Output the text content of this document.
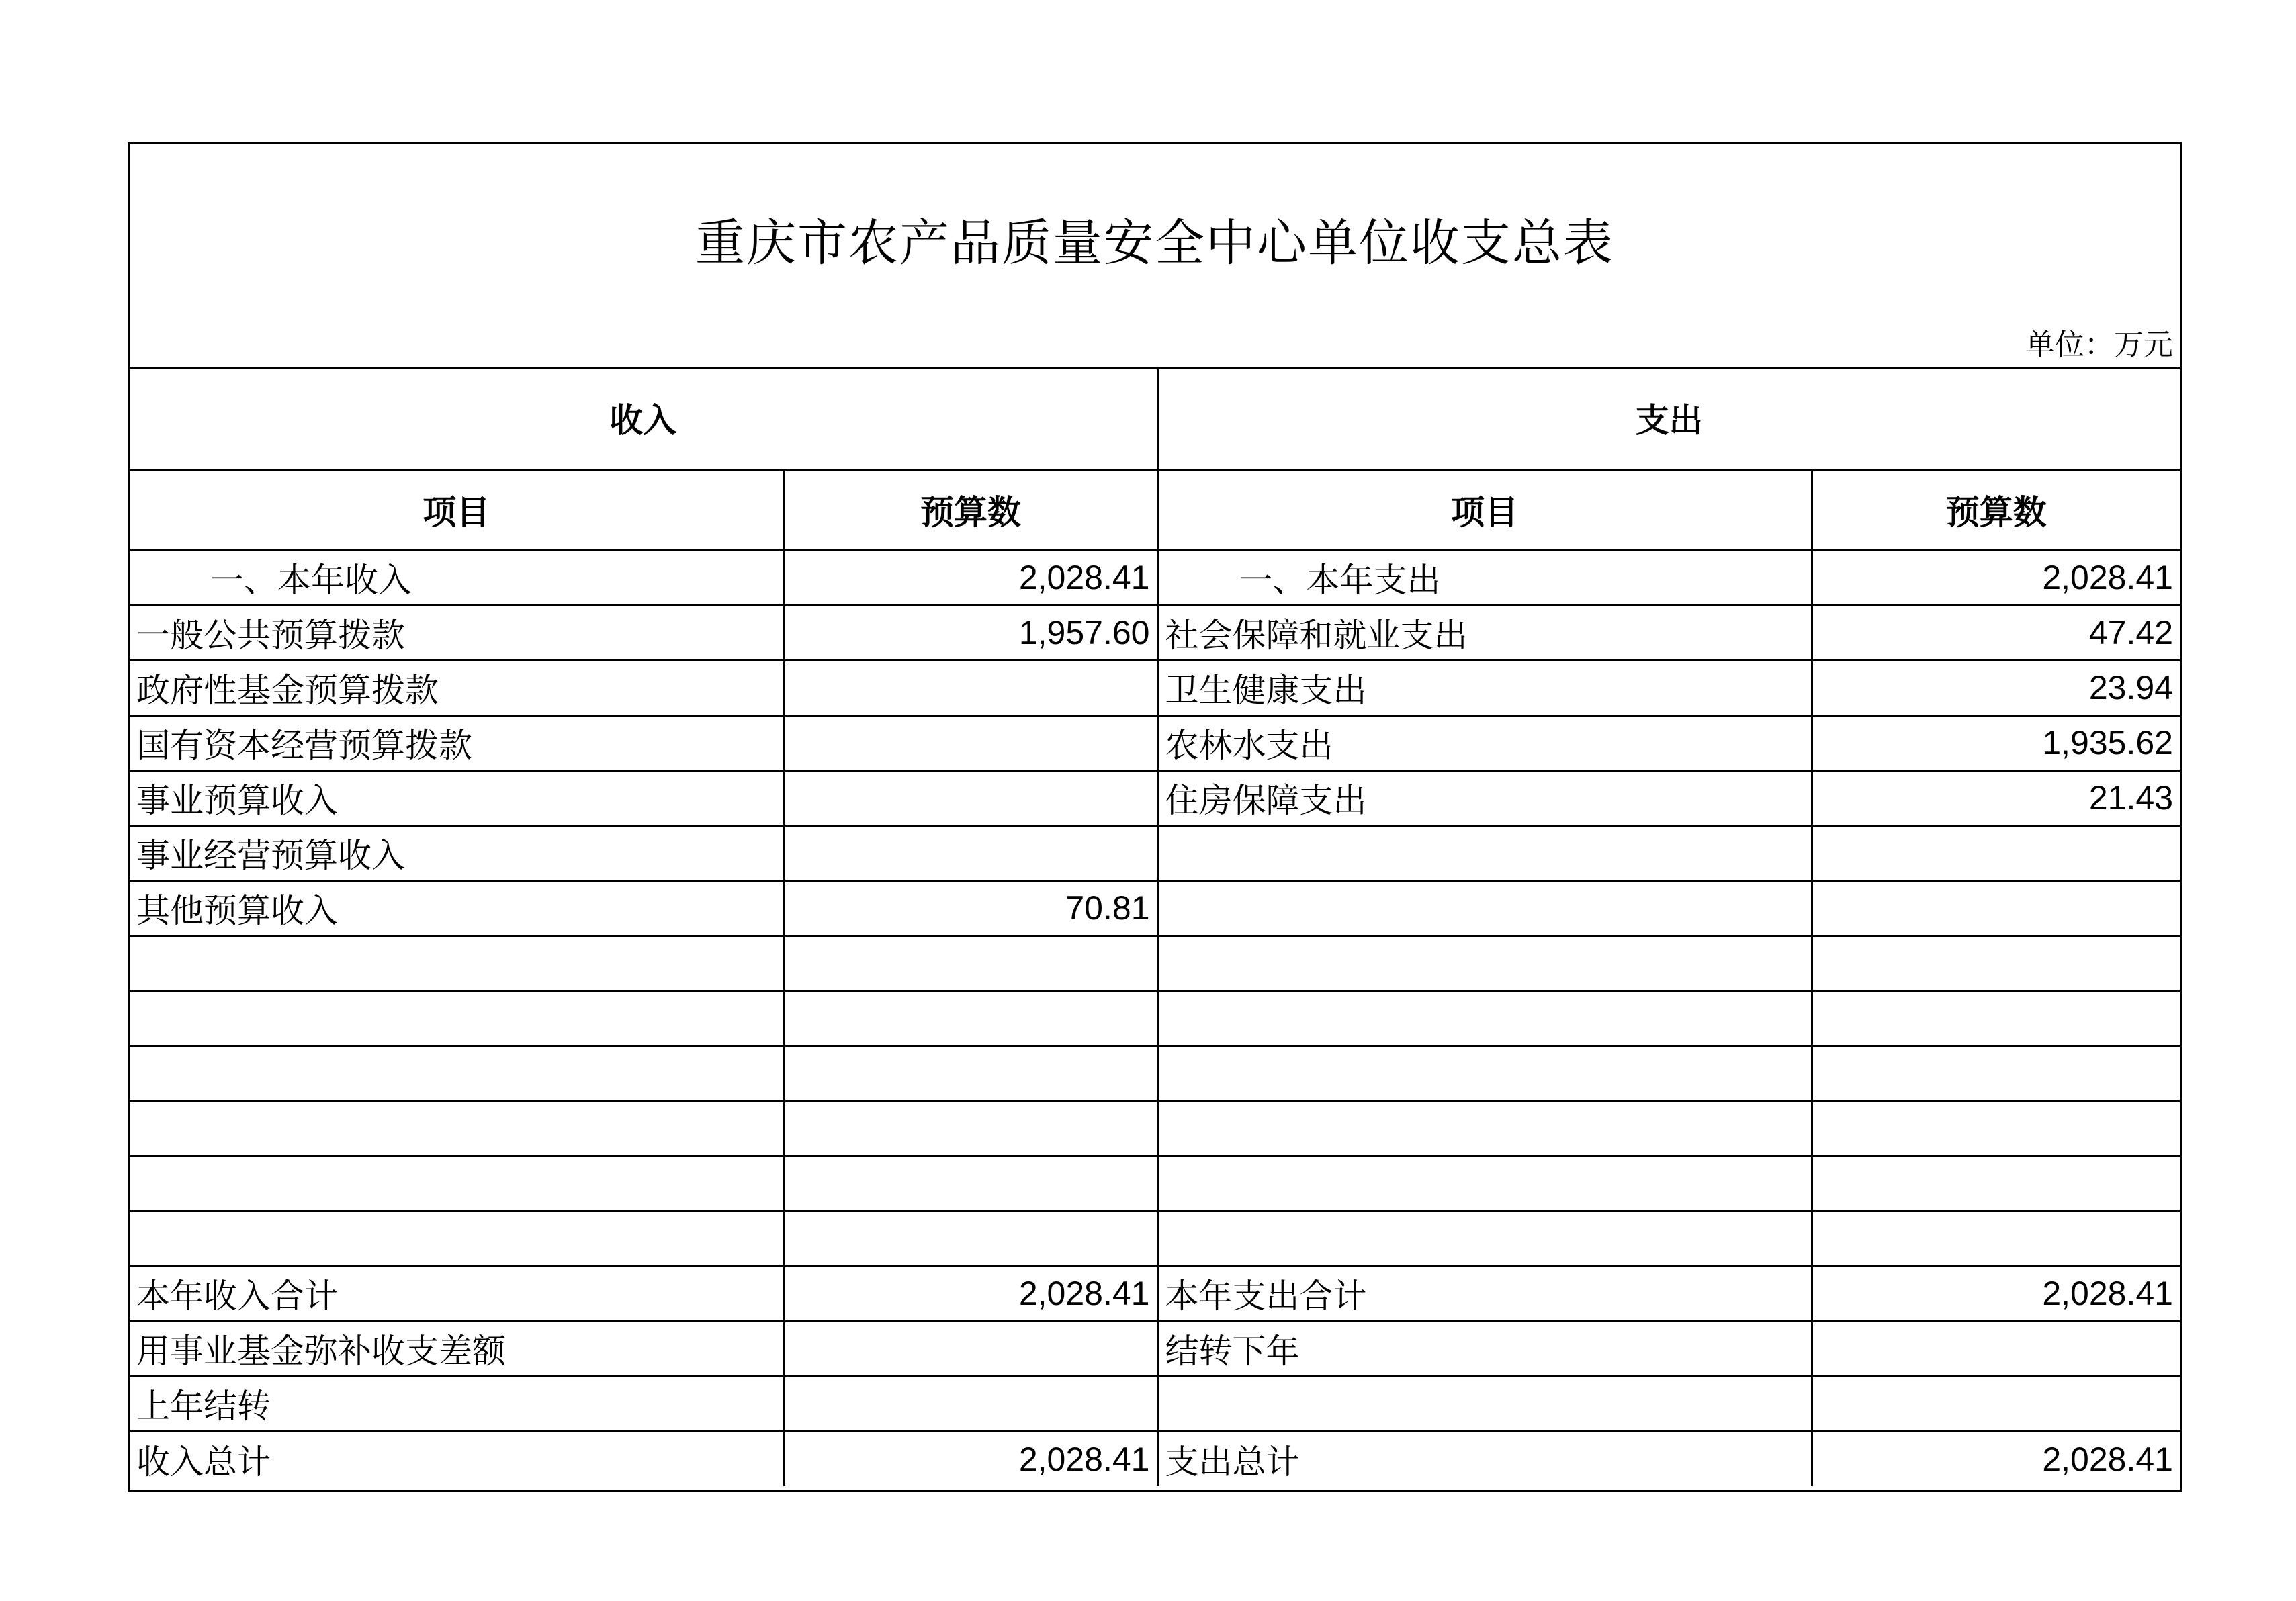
重庆市农产品质量安全中心单位收支总表
单位：万元
收入		支出	
项目	预算数	项目	预算数
一、本年收入	2,028.41	一、本年支出	2,028.41
一般公共预算拨款	1,957.60	社会保障和就业支出	47.42
政府性基金预算拨款		卫生健康支出	23.94
国有资本经营预算拨款		农林水支出	1,935.62
事业预算收入		住房保障支出	21.43
事业经营预算收入			
其他预算收入	70.81		

本年收入合计	2,028.41	本年支出合计	2,028.41
用事业基金弥补收支差额		结转下年	
上年结转			
收入总计	2,028.41	支出总计	2,028.41
